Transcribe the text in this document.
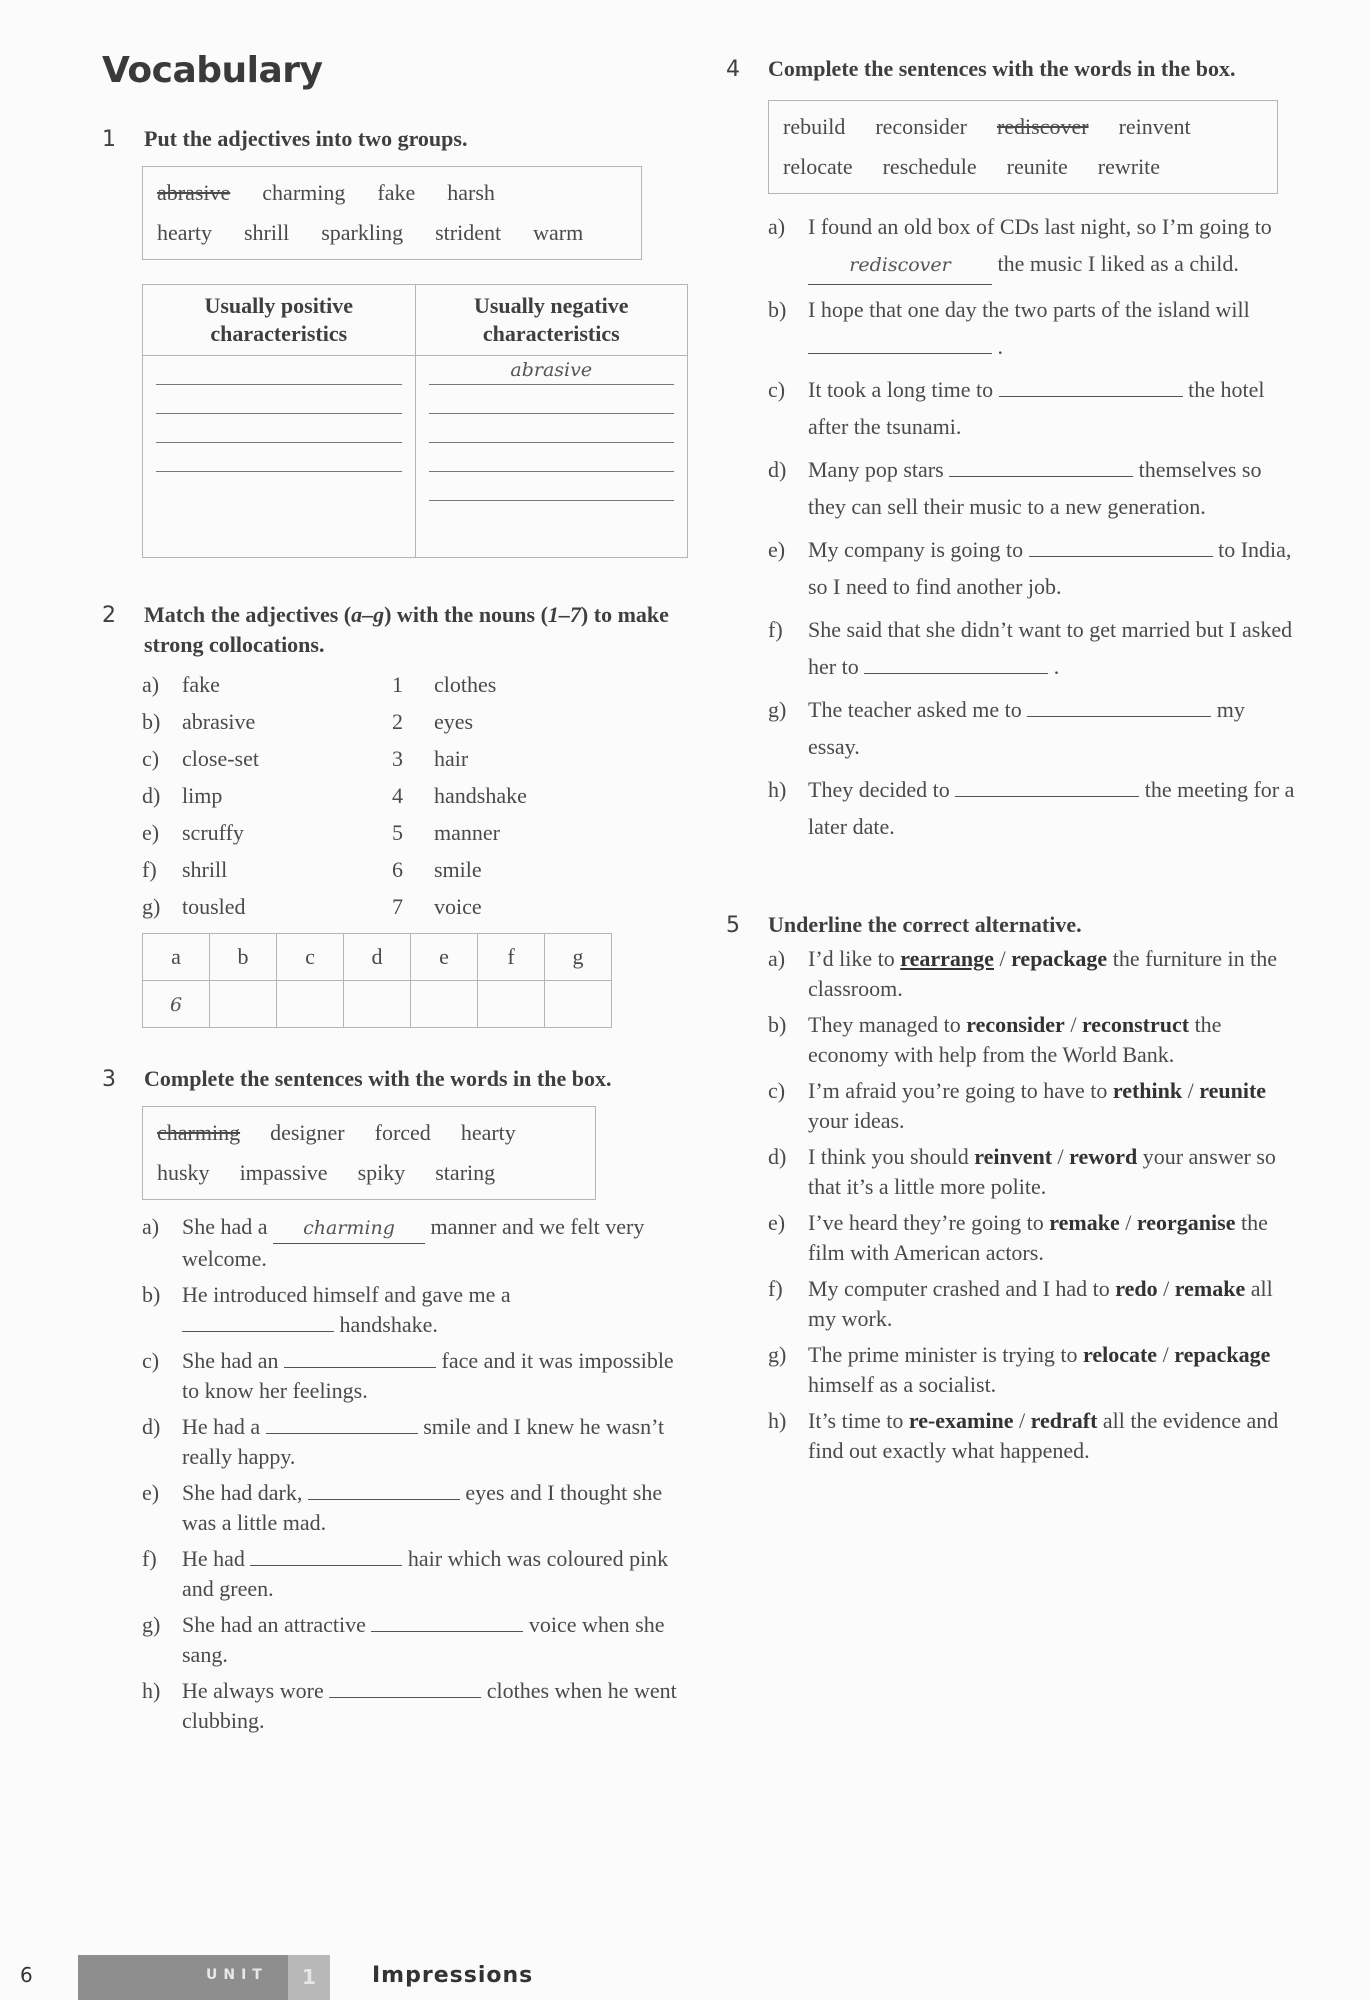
Vocabulary
1	Put the adjectives into two groups.
abrasive charming fake harsh
hearty shrill sparkling strident warm
Usually positive characteristics	Usually negative characteristics

	abrasive
2	Match the adjectives (a–g) with the nouns (1–7) to make strong collocations.
a)	fake	1	clothes
b) abrasive	2	eyes
c)	close-set	3	hair
d) limp	4	handshake
e)	scruffy	5	manner
f)	shrill	6	smile
g) tousled	7	voice
a	b	c	d	e	f	g
6						
3	Complete the sentences with the words in the box.
charming designer forced hearty
husky impassive spiky staring
a)	She had a charming manner and we felt very welcome.
b) He introduced himself and gave me a
handshake.
c)	She had an	face and it was impossible to know her feelings.
d) He had a	smile and I knew he wasn’t really happy.
e)	She had dark,	eyes and I thought she was a little mad.
f)	He had	hair which was coloured pink and green.
g) She had an attractive	voice when she sang.
h) He always wore	clothes when he went clubbing.
4	Complete the sentences with the words in the box.
rebuild reconsider rediscover reinvent
relocate reschedule reunite rewrite
a)	I found an old box of CDs last night, so I’m going torediscover the music I liked as a child.
b) I hope that one day the two parts of the island will  .
c)	It took a long time to	the hotel after the tsunami.
d) Many pop stars	themselves so they can sell their music to a new generation.
e)	My company is going to	to India, so I need to find another job.
f)	She said that she didn’t want to get married but I asked her to	.
g) The teacher asked me to	my essay.
h) They decided to	the meeting for a later date.
5	Underline the correct alternative.
a)	I’d like to rearrange / repackage the furniture in the classroom.
b) They managed to reconsider / reconstruct the economy with help from the World Bank.
c)	I’m afraid you’re going to have to rethink / reunite your ideas.
d) I think you should reinvent / reword your answer so that it’s a little more polite.
e)	I’ve heard they’re going to remake / reorganise the film with American actors.
f)	My computer crashed and I had to redo / remake all my work.
g) The prime minister is trying to relocate / repackage himself as a socialist.
h) It’s time to re-examine / redraft all the evidence and find out exactly what happened.
6	UNIT	1	Impressions
